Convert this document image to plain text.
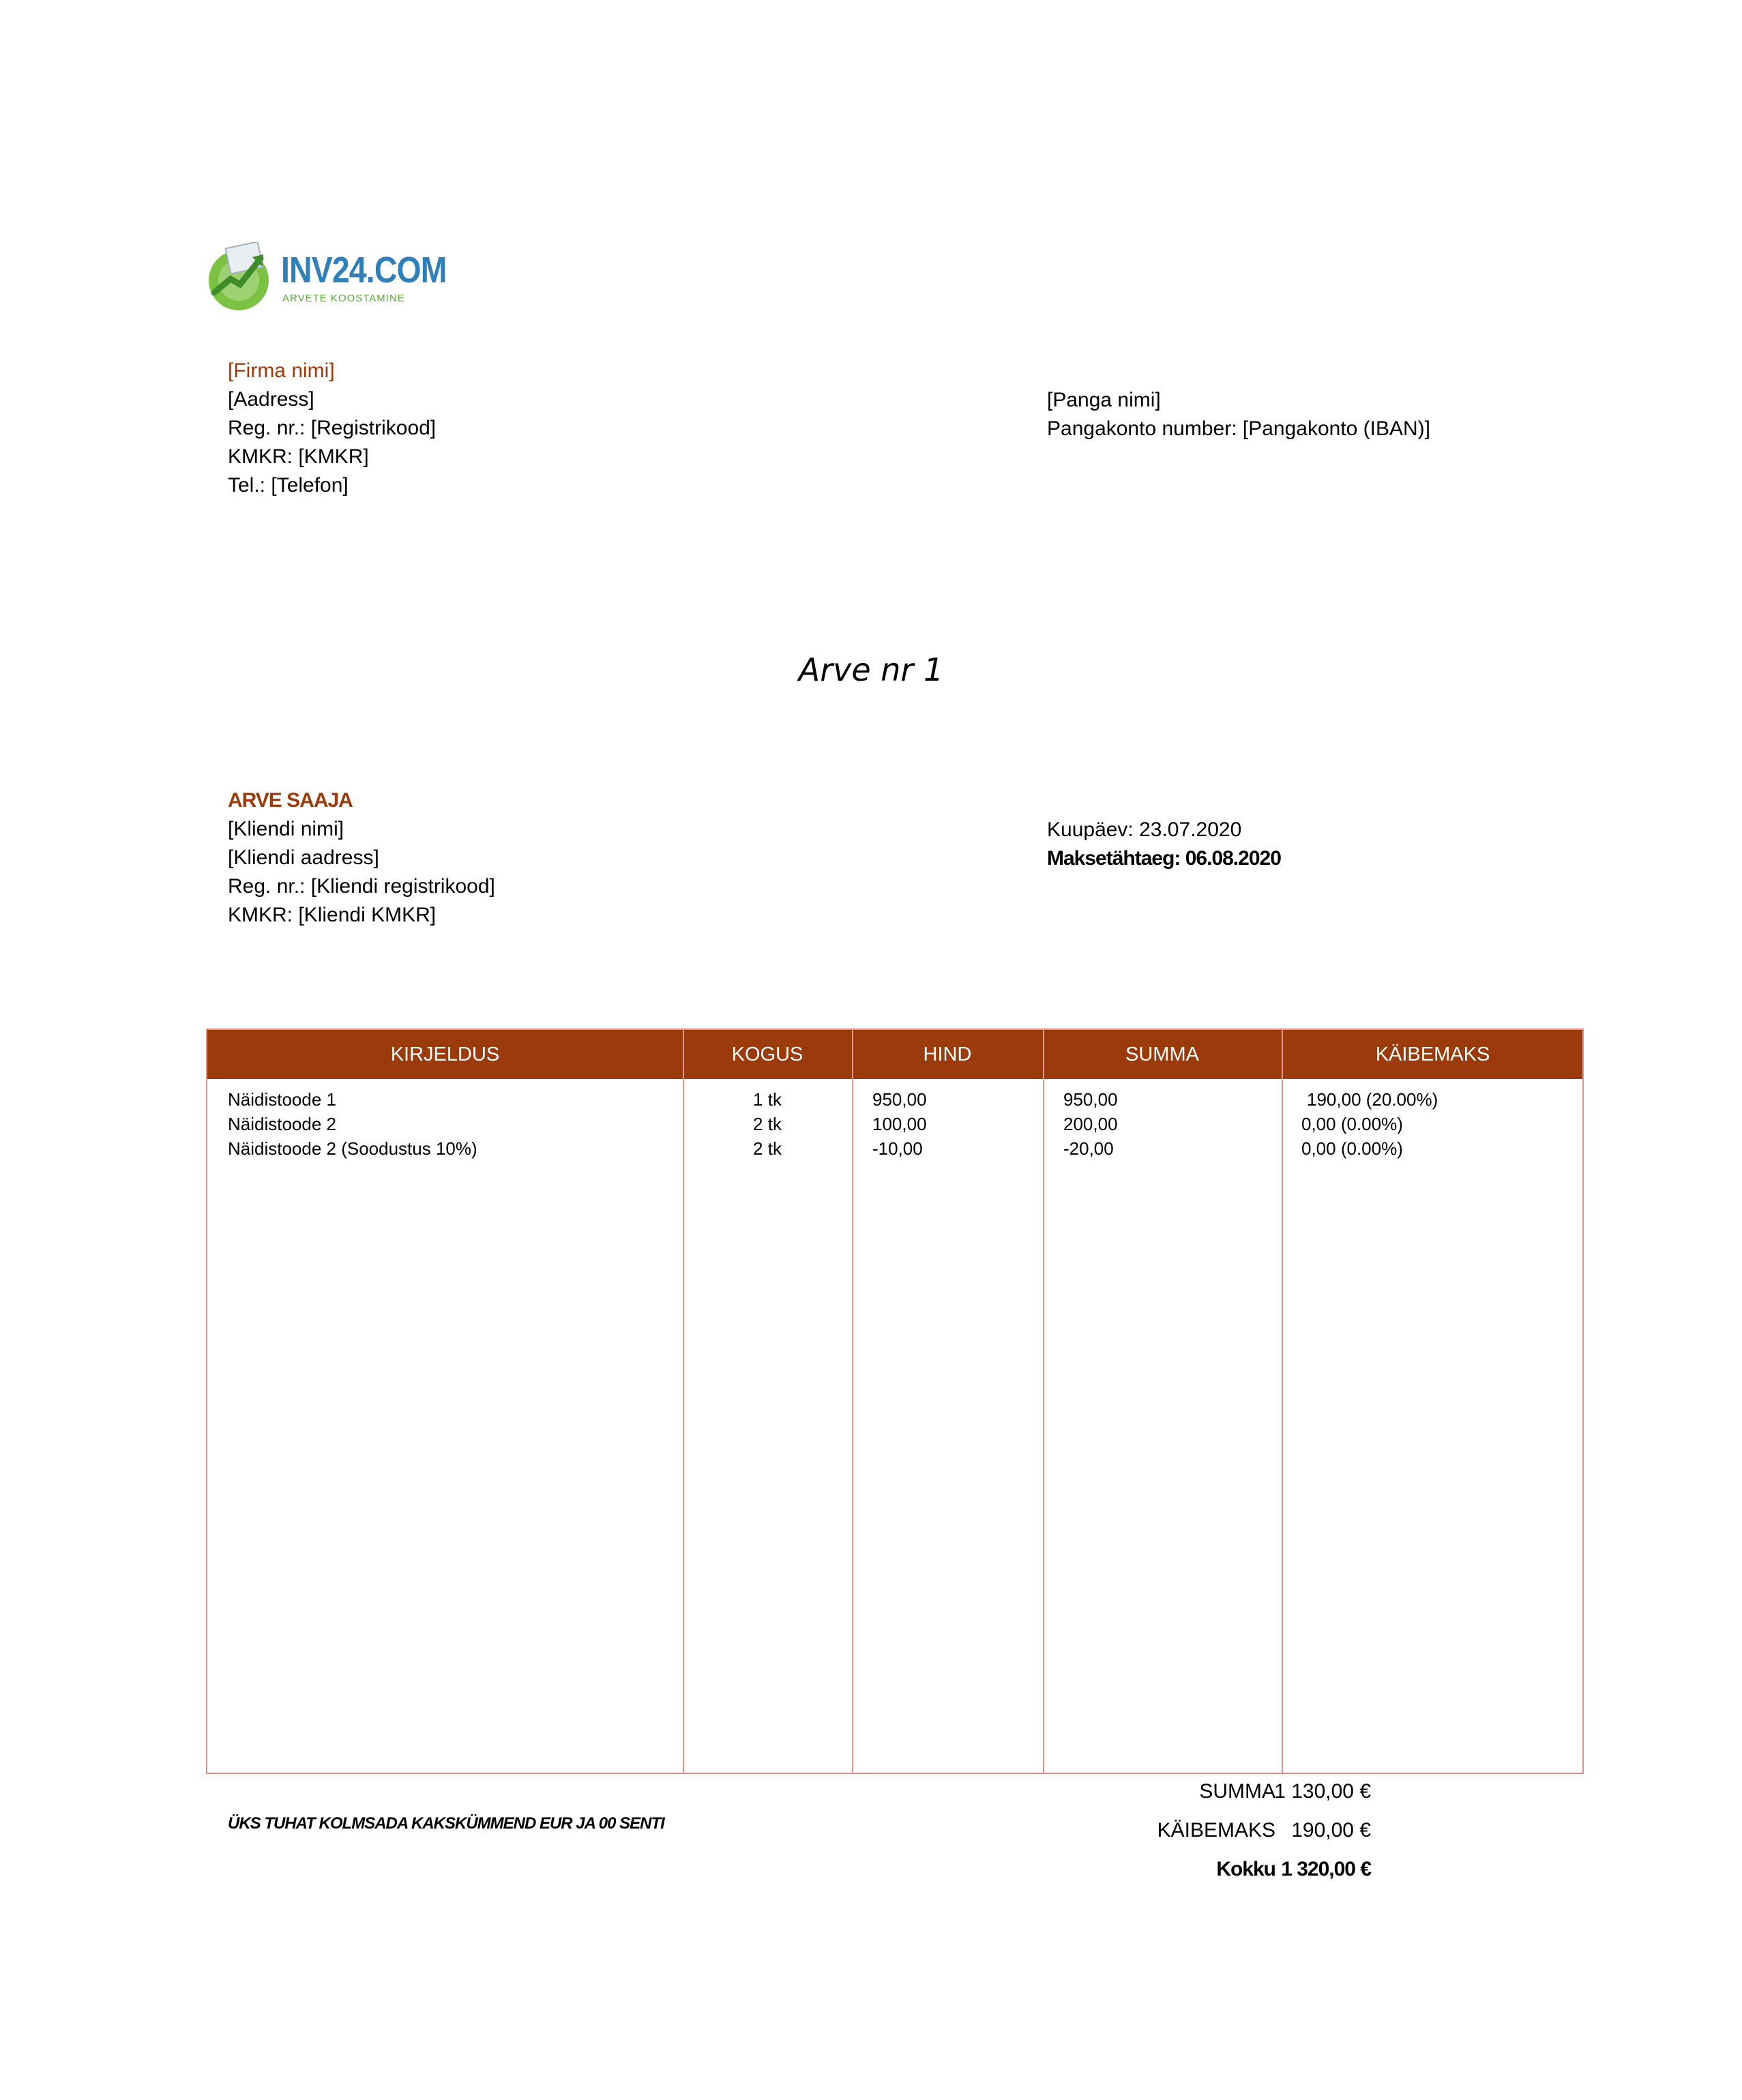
INV24.COM
ARVETE KOOSTAMINE
[Firma nimi]
[Aadress]
Reg. nr.: [Registrikood]
KMKR: [KMKR]
Tel.: [Telefon]
[Panga nimi]
Pangakonto number: [Pangakonto (IBAN)]
Arve nr 1
ARVE SAAJA
[Kliendi nimi]
[Kliendi aadress]
Reg. nr.: [Kliendi registrikood]
KMKR: [Kliendi KMKR]
Kuupäev: 23.07.2020
Maksetähtaeg: 06.08.2020
KIRJELDUS	KOGUS	HIND	SUMMA	KÄIBEMAKS
Näidistoode 1	1 tk	950,00	950,00	190,00 (20.00%)
Näidistoode 2	2 tk	100,00	200,00	0,00 (0.00%)
Näidistoode 2 (Soodustus 10%)	2 tk	-10,00	-20,00	0,00 (0.00%)
ÜKS TUHAT KOLMSADA KAKSKÜMMEND EUR JA 00 SENTI
SUMMA
1 130,00 €
KÄIBEMAKS 190,00 €
Kokku 1 320,00 €
